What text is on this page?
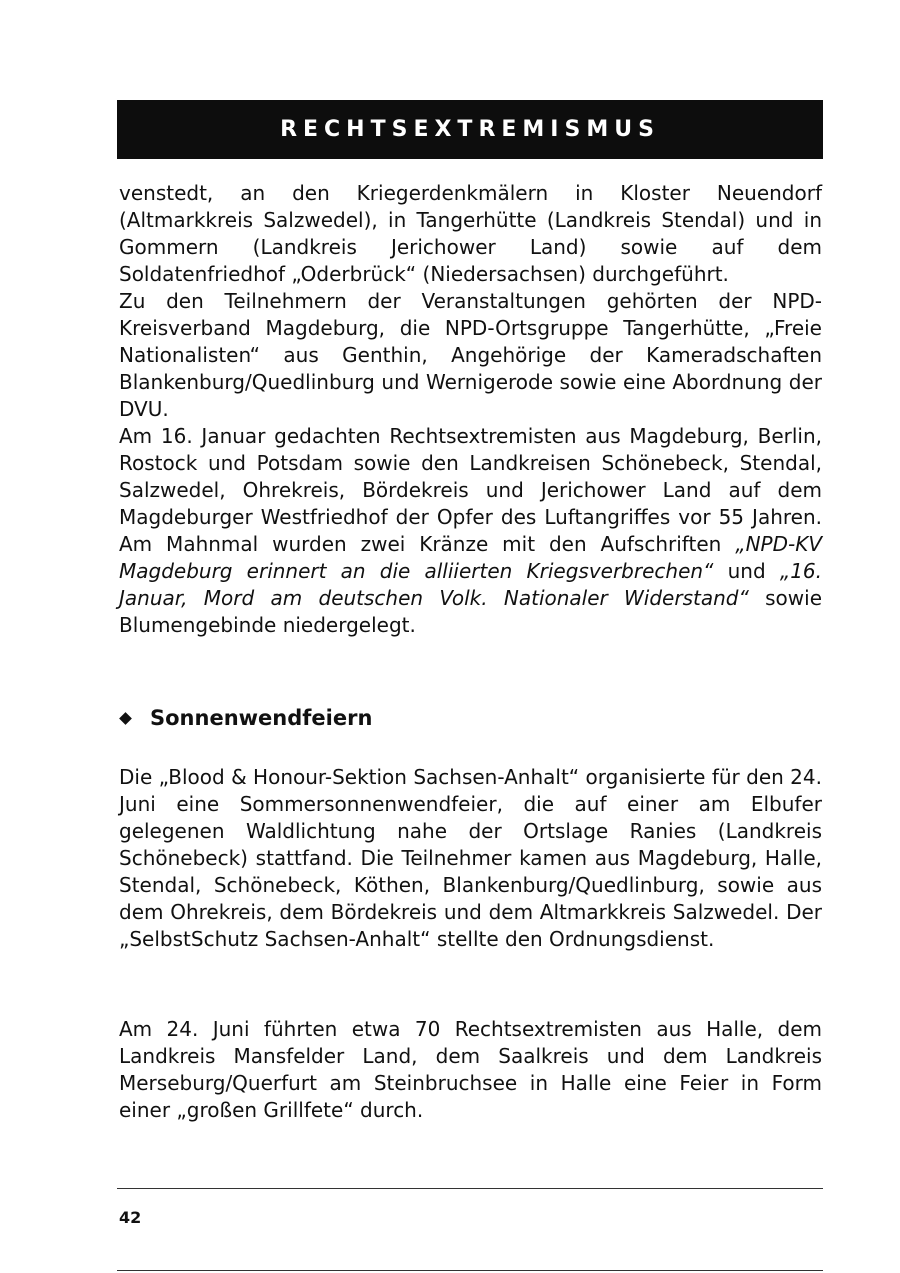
RECHTSEXTREMISMUS

venstedt, an den Kriegerdenkmälern in Kloster Neuendorf (Altmarkkreis Salzwedel), in Tangerhütte (Landkreis Stendal) und in Gommern (Landkreis Jerichower Land) sowie auf dem Soldatenfriedhof „Oderbrück“ (Niedersachsen) durchgeführt.

Zu den Teilnehmern der Veranstaltungen gehörten der NPD-Kreisverband Magdeburg, die NPD-Ortsgruppe Tangerhütte, „Freie Nationalisten“ aus Genthin, Angehörige der Kameradschaften Blankenburg/Quedlinburg und Wernigerode sowie eine Abordnung der DVU.

Am 16. Januar gedachten Rechtsextremisten aus Magdeburg, Berlin, Rostock und Potsdam sowie den Landkreisen Schönebeck, Stendal, Salzwedel, Ohrekreis, Bördekreis und Jerichower Land auf dem Magdeburger Westfriedhof der Opfer des Luftangriffes vor 55 Jahren. Am Mahnmal wurden zwei Kränze mit den Aufschriften „NPD-KV Magdeburg erinnert an die alliierten Kriegsverbrechen“ und „16. Januar, Mord am deutschen Volk. Nationaler Widerstand“ sowie Blumengebinde niedergelegt.

Sonnenwendfeiern

Die „Blood & Honour-Sektion Sachsen-Anhalt“ organisierte für den 24. Juni eine Sommersonnenwendfeier, die auf einer am Elbufer gelegenen Waldlichtung nahe der Ortslage Ranies (Landkreis Schönebeck) stattfand. Die Teilnehmer kamen aus Magdeburg, Halle, Stendal, Schönebeck, Köthen, Blankenburg/Quedlinburg, sowie aus dem Ohrekreis, dem Bördekreis und dem Altmarkkreis Salzwedel. Der „SelbstSchutz Sachsen-Anhalt“ stellte den Ordnungsdienst.

Am 24. Juni führten etwa 70 Rechtsextremisten aus Halle, dem Landkreis Mansfelder Land, dem Saalkreis und dem Landkreis Merseburg/Querfurt am Steinbruchsee in Halle eine Feier in Form einer „großen Grillfete“ durch.

42
